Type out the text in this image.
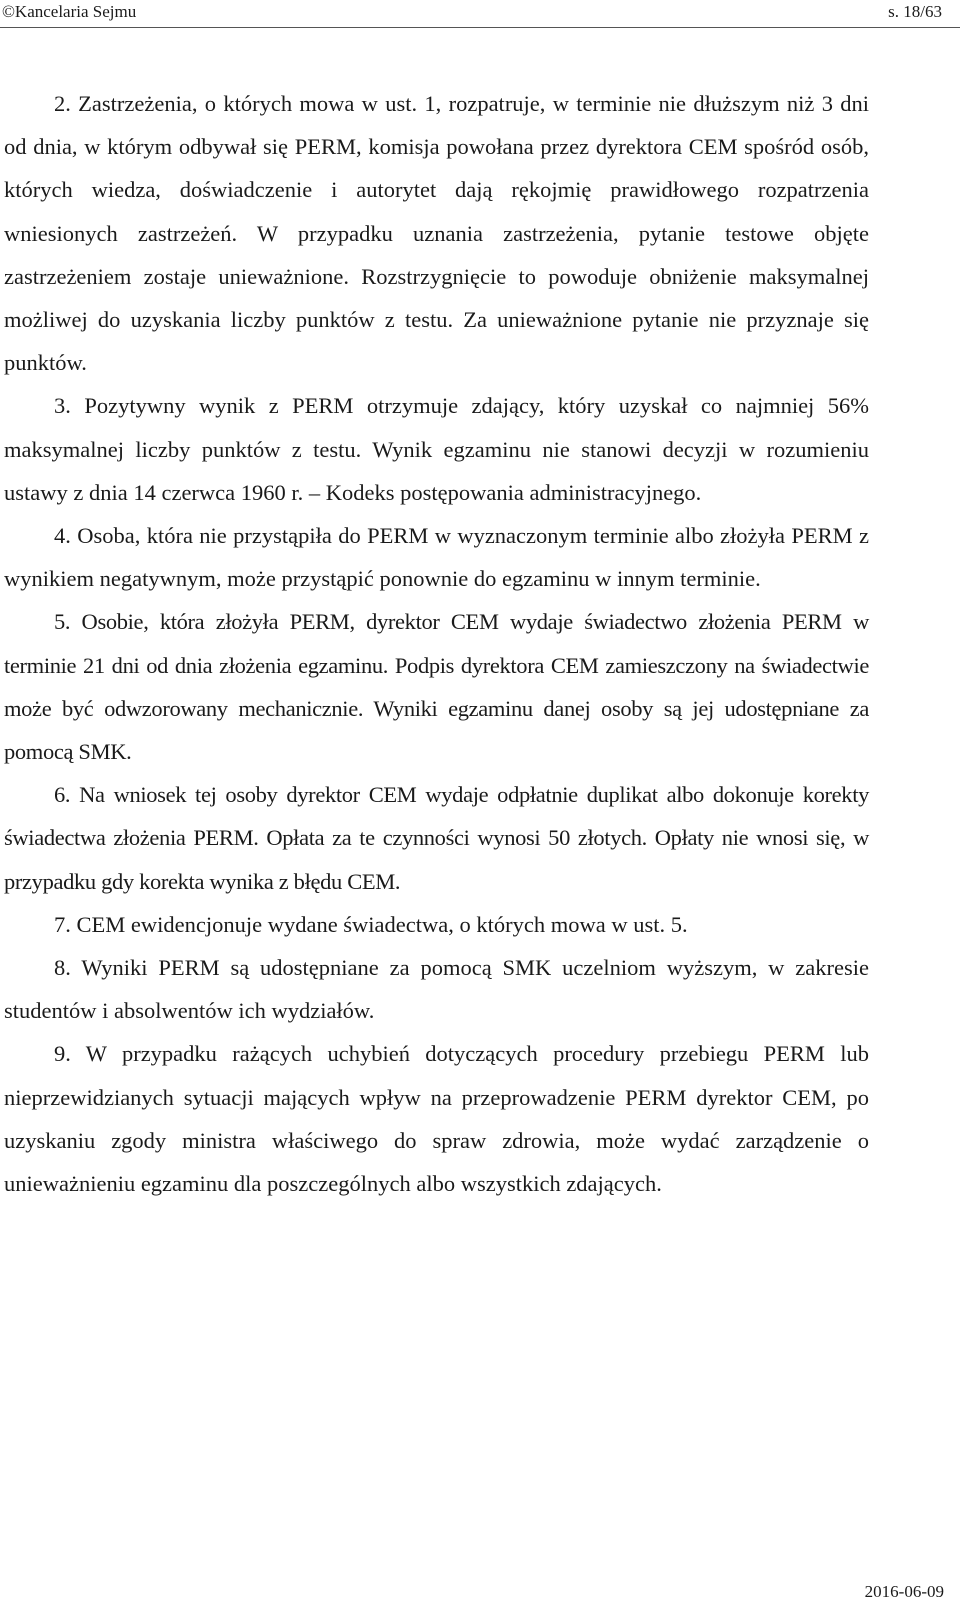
©Kancelaria Sejmu	s. 18/63

2. Zastrzeżenia, o których mowa w ust. 1, rozpatruje, w terminie nie dłuższym niż 3 dni od dnia, w którym odbywał się PERM, komisja powołana przez dyrektora CEM spośród osób, których wiedza, doświadczenie i autorytet dają rękojmię prawidłowego rozpatrzenia wniesionych zastrzeżeń. W przypadku uznania zastrzeżenia, pytanie testowe objęte zastrzeżeniem zostaje unieważnione. Rozstrzygnięcie to powoduje obniżenie maksymalnej możliwej do uzyskania liczby punktów z testu. Za unieważnione pytanie nie przyznaje się punktów.

3. Pozytywny wynik z PERM otrzymuje zdający, który uzyskał co najmniej 56% maksymalnej liczby punktów z testu. Wynik egzaminu nie stanowi decyzji w rozumieniu ustawy z dnia 14 czerwca 1960 r. – Kodeks postępowania administracyjnego.

4. Osoba, która nie przystąpiła do PERM w wyznaczonym terminie albo złożyła PERM z wynikiem negatywnym, może przystąpić ponownie do egzaminu w innym terminie.

5. Osobie, która złożyła PERM, dyrektor CEM wydaje świadectwo złożenia PERM w terminie 21 dni od dnia złożenia egzaminu. Podpis dyrektora CEM zamieszczony na świadectwie może być odwzorowany mechanicznie. Wyniki egzaminu danej osoby są jej udostępniane za pomocą SMK.

6. Na wniosek tej osoby dyrektor CEM wydaje odpłatnie duplikat albo dokonuje korekty świadectwa złożenia PERM. Opłata za te czynności wynosi 50 złotych. Opłaty nie wnosi się, w przypadku gdy korekta wynika z błędu CEM.

7. CEM ewidencjonuje wydane świadectwa, o których mowa w ust. 5.

8. Wyniki PERM są udostępniane za pomocą SMK uczelniom wyższym, w zakresie studentów i absolwentów ich wydziałów.

9. W przypadku rażących uchybień dotyczących procedury przebiegu PERM lub nieprzewidzianych sytuacji mających wpływ na przeprowadzenie PERM dyrektor CEM, po uzyskaniu zgody ministra właściwego do spraw zdrowia, może wydać zarządzenie o unieważnieniu egzaminu dla poszczególnych albo wszystkich zdających.

2016-06-09
